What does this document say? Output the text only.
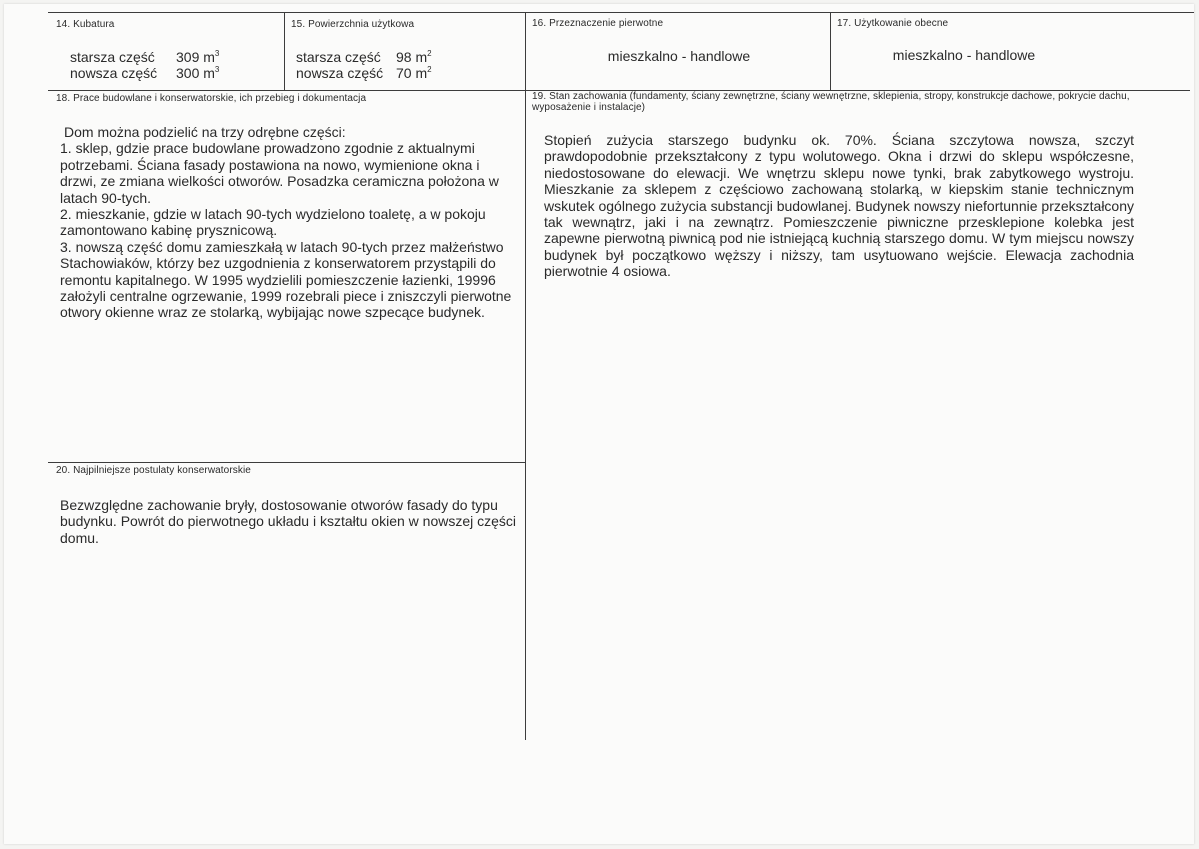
14. Kubatura
starsza część 309 $m^3$
nowsza część 300 $m^3$
15. Powierzchnia użytkowa
starsza część 98 $m^2$
nowsza część 70 $m^2$
16. Przeznaczenie pierwotne
mieszkalno - handlowe
17. Użytkowanie obecne
mieszkalno - handlowe
18. Prace budowlane i konserwatorskie, ich przebieg i dokumentacja

Dom można podzielić na trzy odrębne części:

1. sklep, gdzie prace budowlane prowadzono zgodnie z aktualnymi potrzebami. Ściana fasady postawiona na nowo, wymienione okna i drzwi, ze zmiana wielkości otworów. Posadzka ceramiczna położona w latach 90-tych.

2. mieszkanie, gdzie w latach 90-tych wydzielono toaletę, a w pokoju zamontowano kabinę prysznicową.

3. nowszą część domu zamieszkałą w latach 90-tych przez małżeństwo Stachowiaków, którzy bez uzgodnienia z konserwatorem przystąpili do remontu kapitalnego. W 1995 wydzielili pomieszczenie łazienki, 19996 założyli centralne ogrzewanie, 1999 rozebrali piece i zniszczyli pierwotne otwory okienne wraz ze stolarką, wybijając nowe szpecące budynek.

19. Stan zachowania (fundamenty, ściany zewnętrzne, ściany wewnętrzne, sklepienia, stropy, konstrukcje dachowe, pokrycie dachu, wyposażenie i instalacje)
Stopień zużycia starszego budynku ok. 70%. Ściana szczytowa nowsza, szczyt prawdopodobnie przekształcony z typu wolutowego. Okna i drzwi do sklepu współczesne, niedostosowane do elewacji. We wnętrzu sklepu nowe tynki, brak zabytkowego wystroju. Mieszkanie za sklepem z częściowo zachowaną stolarką, w kiepskim stanie technicznym wskutek ogólnego zużycia substancji budowlanej. Budynek nowszy niefortunnie przekształcony tak wewnątrz, jaki i na zewnątrz. Pomieszczenie piwniczne przesklepione kolebka jest zapewne pierwotną piwnicą pod nie istniejącą kuchnią starszego domu. W tym miejscu nowszy budynek był początkowo węższy i niższy, tam usytuowano wejście. Elewacja zachodnia pierwotnie 4 osiowa.
20. Najpilniejsze postulaty konserwatorskie
Bezwzględne zachowanie bryły, dostosowanie otworów fasady do typu budynku. Powrót do pierwotnego układu i kształtu okien w nowszej części domu.
